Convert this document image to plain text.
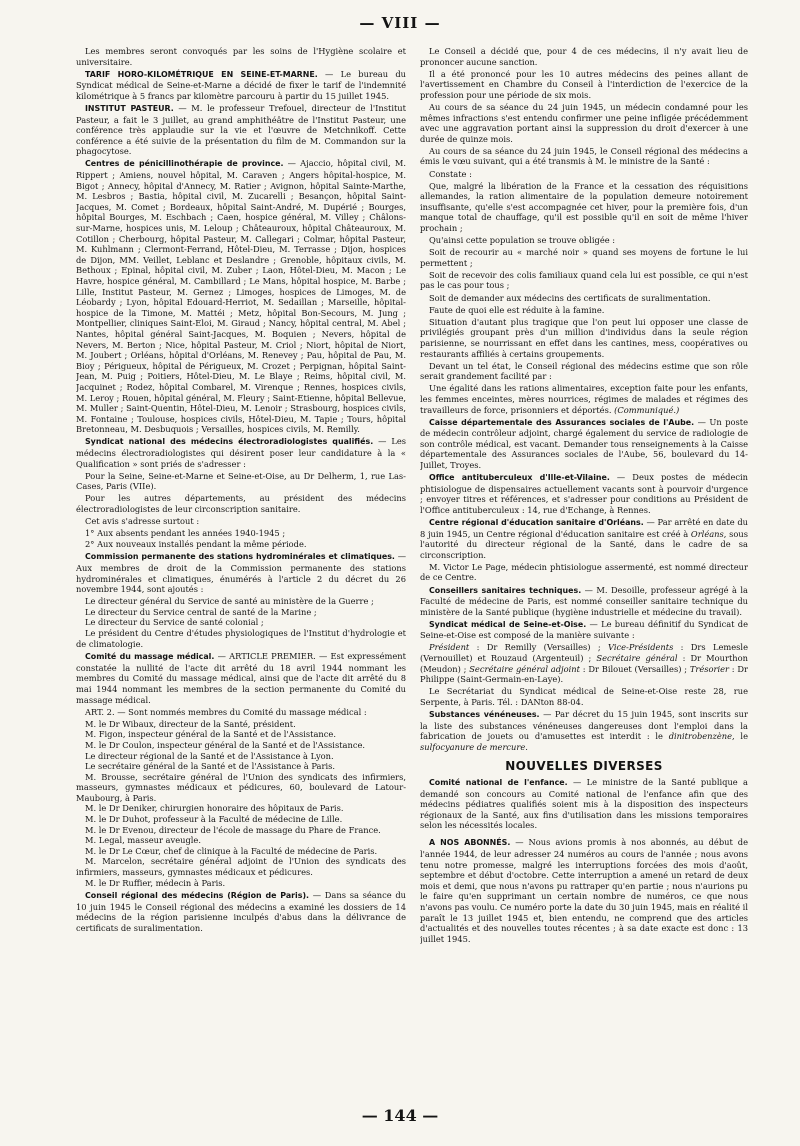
— VIII —

Les membres seront convoqués par les soins de l'Hygiène scolaire et universitaire.

TARIF HORO-KILOMÉTRIQUE EN SEINE-ET-MARNE. — Le bureau du Syndicat médical de Seine-et-Marne a décidé de fixer le tarif de l'indemnité kilométrique à 5 francs par kilomètre parcouru à partir du 15 juillet 1945.

INSTITUT PASTEUR. — M. le professeur Trefouel, directeur de l'Institut Pasteur, a fait le 3 juillet, au grand amphithéâtre de l'Institut Pasteur, une conférence très applaudie sur la vie et l'œuvre de Metchnikoff. Cette conférence a été suivie de la présentation du film de M. Commandon sur la phagocytose.

Centres de pénicillinothérapie de province. — Ajaccio, hôpital civil, M. Rippert ; Amiens, nouvel hôpital, M. Caraven ; Angers hôpital-hospice, M. Bigot ; Annecy, hôpital d'Annecy, M. Ratier ; Avignon, hôpital Sainte-Marthe, M. Lesbros ; Bastia, hôpital civil, M. Zucarelli ; Besançon, hôpital Saint-Jacques, M. Comet ; Bordeaux, hôpital Saint-André, M. Dupérié ; Bourges, hôpital Bourges, M. Eschbach ; Caen, hospice général, M. Villey ; Châlons-sur-Marne, hospices unis, M. Leloup ; Châteauroux, hôpital Châteauroux, M. Cotillon ; Cherbourg, hôpital Pasteur, M. Callegari ; Colmar, hôpital Pasteur, M. Kuhlmann ; Clermont-Ferrand, Hôtel-Dieu, M. Terrasse ; Dijon, hospices de Dijon, MM. Veillet, Leblanc et Deslandre ; Grenoble, hôpitaux civils, M. Bethoux ; Epinal, hôpital civil, M. Zuber ; Laon, Hôtel-Dieu, M. Macon ; Le Havre, hospice général, M. Cambillard ; Le Mans, hôpital hospice, M. Barbe ; Lille, Institut Pasteur, M. Gernez ; Limoges, hospices de Limoges, M. de Léobardy ; Lyon, hôpital Edouard-Herriot, M. Sedaillan ; Marseille, hôpital-hospice de la Timone, M. Mattéi ; Metz, hôpital Bon-Secours, M. Jung ; Montpellier, cliniques Saint-Eloi, M. Giraud ; Nancy, hôpital central, M. Abel ; Nantes, hôpital général Saint-Jacques, M. Boquien ; Nevers, hôpital de Nevers, M. Berton ; Nice, hôpital Pasteur, M. Criol ; Niort, hôpital de Niort, M. Joubert ; Orléans, hôpital d'Orléans, M. Renevey ; Pau, hôpital de Pau, M. Bioy ; Périgueux, hôpital de Périgueux, M. Crozet ; Perpignan, hôpital Saint-Jean, M. Puig ; Poitiers, Hôtel-Dieu, M. Le Blaye ; Reims, hôpital civil, M. Jacquinet ; Rodez, hôpital Combarel, M. Virenque ; Rennes, hospices civils, M. Leroy ; Rouen, hôpital général, M. Fleury ; Saint-Etienne, hôpital Bellevue, M. Muller ; Saint-Quentin, Hôtel-Dieu, M. Lenoir ; Strasbourg, hospices civils, M. Fontaine ; Toulouse, hospices civils, Hôtel-Dieu, M. Tapie ; Tours, hôpital Bretonneau, M. Desbuquois ; Versailles, hospices civils, M. Remilly.

Syndicat national des médecins électroradiologistes qualifiés. — Les médecins électroradiologistes qui désirent poser leur candidature à la « Qualification » sont priés de s'adresser :

Pour la Seine, Seine-et-Marne et Seine-et-Oise, au Dr Delherm, 1, rue Las-Cases, Paris (VIIe).

Pour les autres départements, au président des médecins électroradiologistes de leur circonscription sanitaire.

Cet avis s'adresse surtout :

1° Aux absents pendant les années 1940-1945 ;
2° Aux nouveaux installés pendant la même période.

Commission permanente des stations hydrominérales et climatiques. — Aux membres de droit de la Commission permanente des stations hydrominérales et climatiques, énumérés à l'article 2 du décret du 26 novembre 1944, sont ajoutés :

Le directeur général du Service de santé au ministère de la Guerre ;
Le directeur du Service central de santé de la Marine ;
Le directeur du Service de santé colonial ;
Le président du Centre d'études physiologiques de l'Institut d'hydrologie et de climatologie.

Comité du massage médical. — ARTICLE PREMIER. — Est expressément constatée la nullité de l'acte dit arrêté du 18 avril 1944 nommant les membres du Comité du massage médical, ainsi que de l'acte dit arrêté du 8 mai 1944 nommant les membres de la section permanente du Comité du massage médical.

ART. 2. — Sont nommés membres du Comité du massage médical :

M. le Dr Wibaux, directeur de la Santé, président.
M. Figon, inspecteur général de la Santé et de l'Assistance.
M. le Dr Coulon, inspecteur général de la Santé et de l'Assistance.
Le directeur régional de la Santé et de l'Assistance à Lyon.
Le secrétaire général de la Santé et de l'Assistance à Paris.
M. Brousse, secrétaire général de l'Union des syndicats des infirmiers, masseurs, gymnastes médicaux et pédicures, 60, boulevard de Latour-Maubourg, à Paris.
M. le Dr Deniker, chirurgien honoraire des hôpitaux de Paris.
M. le Dr Duhot, professeur à la Faculté de médecine de Lille.
M. le Dr Evenou, directeur de l'école de massage du Phare de France.
M. Legal, masseur aveugle.
M. le Dr Le Cœur, chef de clinique à la Faculté de médecine de Paris.
M. Marcelon, secrétaire général adjoint de l'Union des syndicats des infirmiers, masseurs, gymnastes médicaux et pédicures.
M. le Dr Ruffier, médecin à Paris.

Conseil régional des médecins (Région de Paris). — Dans sa séance du 10 juin 1945 le Conseil régional des médecins a examiné les dossiers de 14 médecins de la région parisienne inculpés d'abus dans la délivrance de certificats de suralimentation.

Le Conseil a décidé que, pour 4 de ces médecins, il n'y avait lieu de prononcer aucune sanction.

Il a été prononcé pour les 10 autres médecins des peines allant de l'avertissement en Chambre du Conseil à l'interdiction de l'exercice de la profession pour une période de six mois.

Au cours de sa séance du 24 juin 1945, un médecin condamné pour les mêmes infractions s'est entendu confirmer une peine infligée précédemment avec une aggravation portant ainsi la suppression du droit d'exercer à une durée de quinze mois.

Au cours de sa séance du 24 juin 1945, le Conseil régional des médecins a émis le vœu suivant, qui a été transmis à M. le ministre de la Santé :

Constate :

Que, malgré la libération de la France et la cessation des réquisitions allemandes, la ration alimentaire de la population demeure notoirement insuffisante, qu'elle s'est accompagnée cet hiver, pour la première fois, d'un manque total de chauffage, qu'il est possible qu'il en soit de même l'hiver prochain ;

Qu'ainsi cette population se trouve obligée :

Soit de recourir au « marché noir » quand ses moyens de fortune le lui permettent ;

Soit de recevoir des colis familiaux quand cela lui est possible, ce qui n'est pas le cas pour tous ;

Soit de demander aux médecins des certificats de suralimentation.

Faute de quoi elle est réduite à la famine.

Situation d'autant plus tragique que l'on peut lui opposer une classe de privilégiés groupant près d'un million d'individus dans la seule région parisienne, se nourrissant en effet dans les cantines, mess, coopératives ou restaurants affiliés à certains groupements.

Devant un tel état, le Conseil régional des médecins estime que son rôle serait grandement facilité par :

Une égalité dans les rations alimentaires, exception faite pour les enfants, les femmes enceintes, mères nourrices, régimes de malades et régimes des travailleurs de force, prisonniers et déportés. (Communiqué.)

Caisse départementale des Assurances sociales de l'Aube. — Un poste de médecin contrôleur adjoint, chargé également du service de radiologie de son contrôle médical, est vacant. Demander tous renseignements à la Caisse départementale des Assurances sociales de l'Aube, 56, boulevard du 14-Juillet, Troyes.

Office antituberculeux d'Ille-et-Vilaine. — Deux postes de médecin phtisiologue de dispensaires actuellement vacants sont à pourvoir d'urgence ; envoyer titres et références, et s'adresser pour conditions au Président de l'Office antituberculeux : 14, rue d'Echange, à Rennes.

Centre régional d'éducation sanitaire d'Orléans. — Par arrêté en date du 8 juin 1945, un Centre régional d'éducation sanitaire est créé à Orléans, sous l'autorité du directeur régional de la Santé, dans le cadre de sa circonscription.

M. Victor Le Page, médecin phtisiologue assermenté, est nommé directeur de ce Centre.

Conseillers sanitaires techniques. — M. Desoille, professeur agrégé à la Faculté de médecine de Paris, est nommé conseiller sanitaire technique du ministère de la Santé publique (hygiène industrielle et médecine du travail).

Syndicat médical de Seine-et-Oise. — Le bureau définitif du Syndicat de Seine-et-Oise est composé de la manière suivante :

Président : Dr Remilly (Versailles) ; Vice-Présidents : Drs Lemesle (Vernouillet) et Rouzaud (Argenteuil) ; Secrétaire général : Dr Mourthon (Meudon) ; Secrétaire général adjoint : Dr Bilouet (Versailles) ; Trésorier : Dr Philippe (Saint-Germain-en-Laye).

Le Secrétariat du Syndicat médical de Seine-et-Oise reste 28, rue Serpente, à Paris. Tél. : DANton 88-04.

Substances vénéneuses. — Par décret du 15 juin 1945, sont inscrits sur la liste des substances vénéneuses dangereuses dont l'emploi dans la fabrication de jouets ou d'amusettes est interdit : le dinitrobenzène, le sulfocyanure de mercure.

NOUVELLES DIVERSES

Comité national de l'enfance. — Le ministre de la Santé publique a demandé son concours au Comité national de l'enfance afin que des médecins pédiatres qualifiés soient mis à la disposition des inspecteurs régionaux de la Santé, aux fins d'utilisation dans les missions temporaires selon les nécessités locales.

A NOS ABONNÉS. — Nous avions promis à nos abonnés, au début de l'année 1944, de leur adresser 24 numéros au cours de l'année ; nous avons tenu notre promesse, malgré les interruptions forcées des mois d'août, septembre et début d'octobre. Cette interruption a amené un retard de deux mois et demi, que nous n'avons pu rattraper qu'en partie ; nous n'aurions pu le faire qu'en supprimant un certain nombre de numéros, ce que nous n'avons pas voulu. Ce numéro porte la date du 30 juin 1945, mais en réalité il paraît le 13 juillet 1945 et, bien entendu, ne comprend que des articles d'actualités et des nouvelles toutes récentes ; à sa date exacte est donc : 13 juillet 1945.

— 144 —
